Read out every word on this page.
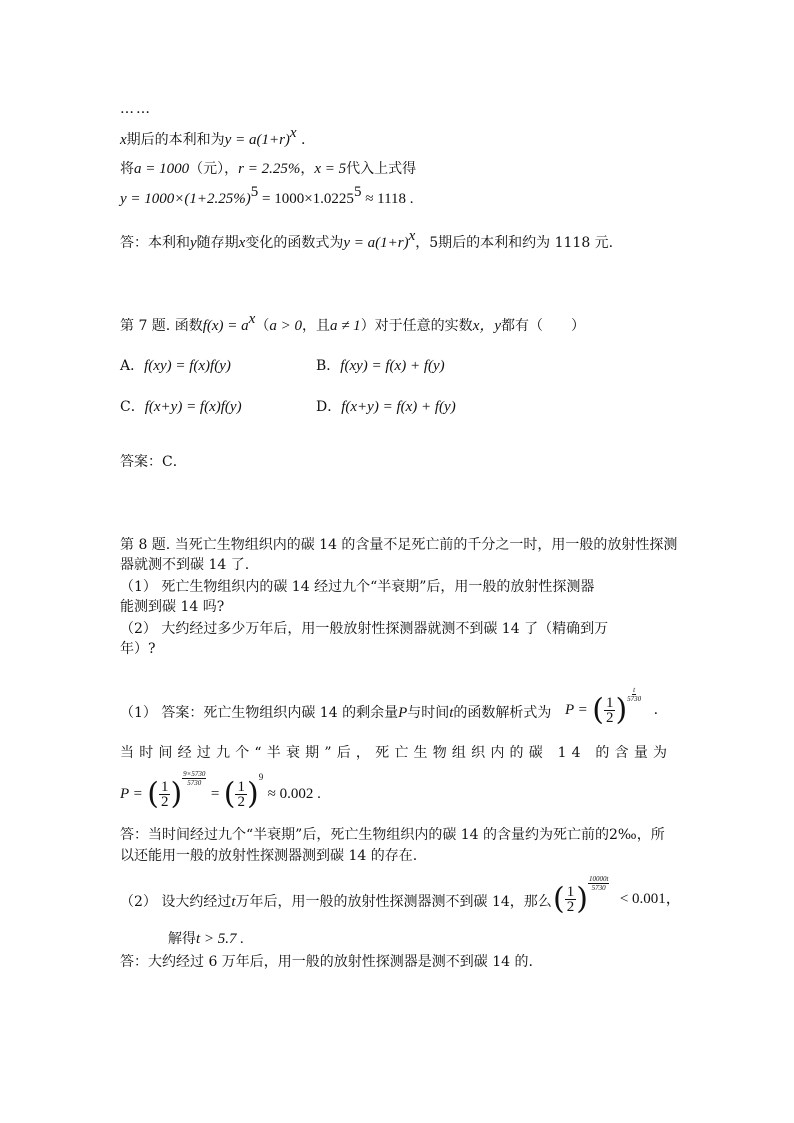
……
x期后的本利和为$y = a(1+r)^x$ .
将a = 1000（元），r = 2.25%，x = 5代入上式得
$y = 1000\times(1+2.25\%)^5 = 1000\times 1.0225^5 \approx 1118$ .
答：本利和y随存期x变化的函数式为$y = a(1+r)^x$，5期后的本利和约为 1118 元.
第 7 题. 函数$f(x) = a^x(a > 0$，且a ≠ 1）对于任意的实数x，y都有（　　）
A．f(xy) = f(x)f(y)	B．f(xy) = f(x) + f(y)
C．f(x+y) = f(x)f(y)	D．f(x+y) = f(x) + f(y)
答案：C．
第 8 题. 当死亡生物组织内的碳 14 的含量不足死亡前的千分之一时，用一般的放射性探测
器就测不到碳 14 了.
（1） 死亡生物组织内的碳 14 经过九个“半衰期”后，用一般的放射性探测器
能测到碳 14 吗?
（2） 大约经过多少万年后，用一般放射性探测器就测不到碳 14 了（精确到万
年）?
（1） 答案：死亡生物组织内碳 14 的剩余量P与时间t的函数解析式为 P = ( $\frac{1}{2}$ ) $\frac{t}{5730}$
.
当时间经过九个“半衰期”后，死亡生物组织内的碳 14 的含量为
P = ( $\frac{1}{2}$ ) $\frac{9\times 5730}{5730}$
= ( $\frac{1}{2} )^9 \approx 0.002$ .
答：当时间经过九个“半衰期”后，死亡生物组织内的碳 14 的含量约为死亡前的2‰，所
以还能用一般的放射性探测器测到碳 14 的存在.
（2） 设大约经过t万年后，用一般的放射性探测器测不到碳 14，那么 ( $\frac{1}{2}$ ) $\frac{10000t}{5730}$
< 0.001，
解得t > 5.7 .
答：大约经过 6 万年后，用一般的放射性探测器是测不到碳 14 的.
